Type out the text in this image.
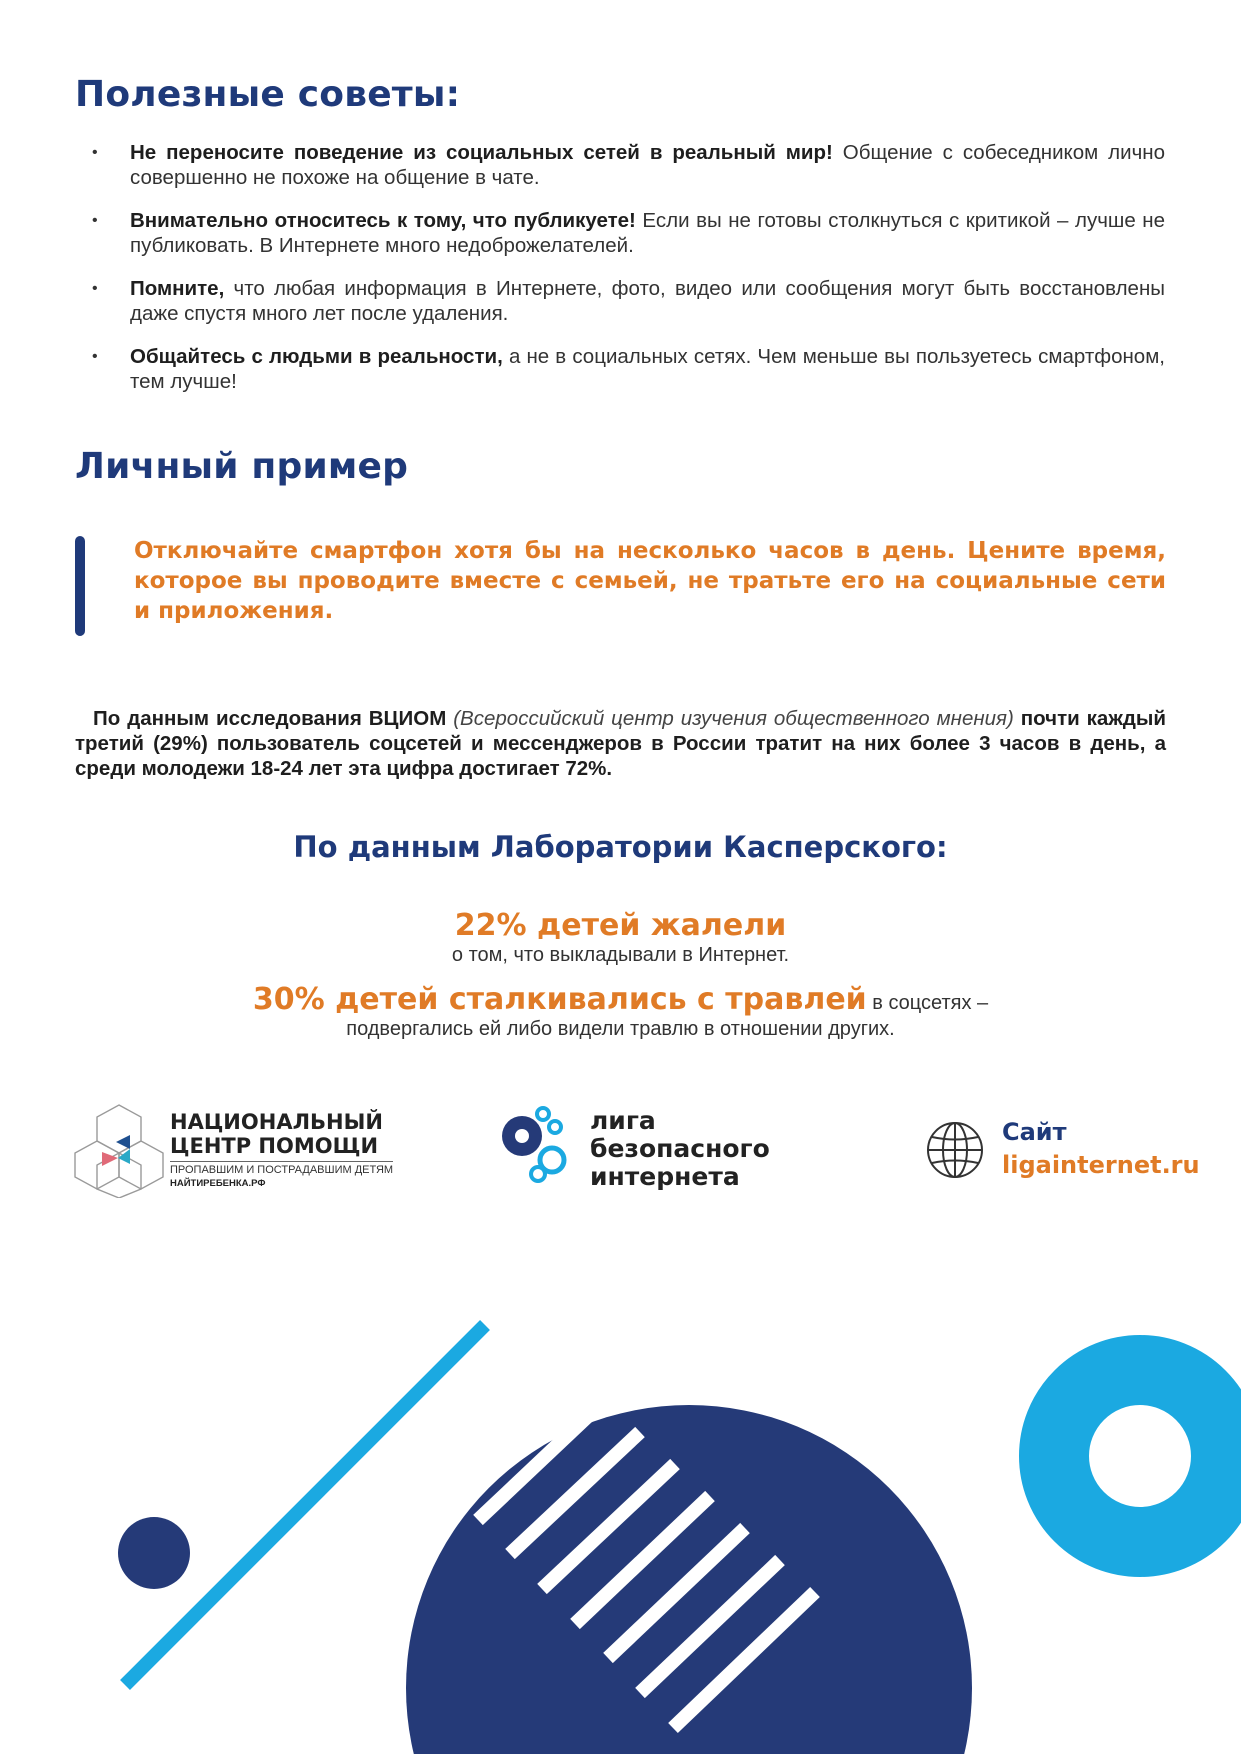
Полезные советы:
• Не переносите поведение из социальных сетей в реальный мир! Общение с собеседником лично совершенно не похоже на общение в чате.
• Внимательно относитесь к тому, что публикуете! Если вы не готовы столкнуться с критикой – лучше не публиковать. В Интернете много недоброжелателей.
• Помните, что любая информация в Интернете, фото, видео или сообщения могут быть восстановлены даже спустя много лет после удаления.
• Общайтесь с людьми в реальности, а не в социальных сетях. Чем меньше вы пользуетесь смартфоном, тем лучше!
Личный пример

Отключайте смартфон хотя бы на несколько часов в день. Цените время, которое вы проводите вместе с семьей, не тратьте его на социальные сети и приложения.

По данным исследования ВЦИОМ (Всероссийский центр изучения общественного мнения) почти каждый третий (29%) пользователь соцсетей и мессенджеров в России тратит на них более 3 часов в день, а среди молодежи 18-24 лет эта цифра достигает 72%.

По данным Лаборатории Касперского:
22% детей жалели
о том, что выкладывали в Интернет.
30% детей сталкивались с травлей в соцсетях –
подвергались ей либо видели травлю в отношении других.
НАЦИОНАЛЬНЫЙ
ЦЕНТР ПОМОЩИ
ПРОПАВШИМ И ПОСТРАДАВШИМ ДЕТЯМ
НАЙТИРЕБЕНКА.РФ
лига
безопасного
интернета
Сайт
ligainternet.ru
